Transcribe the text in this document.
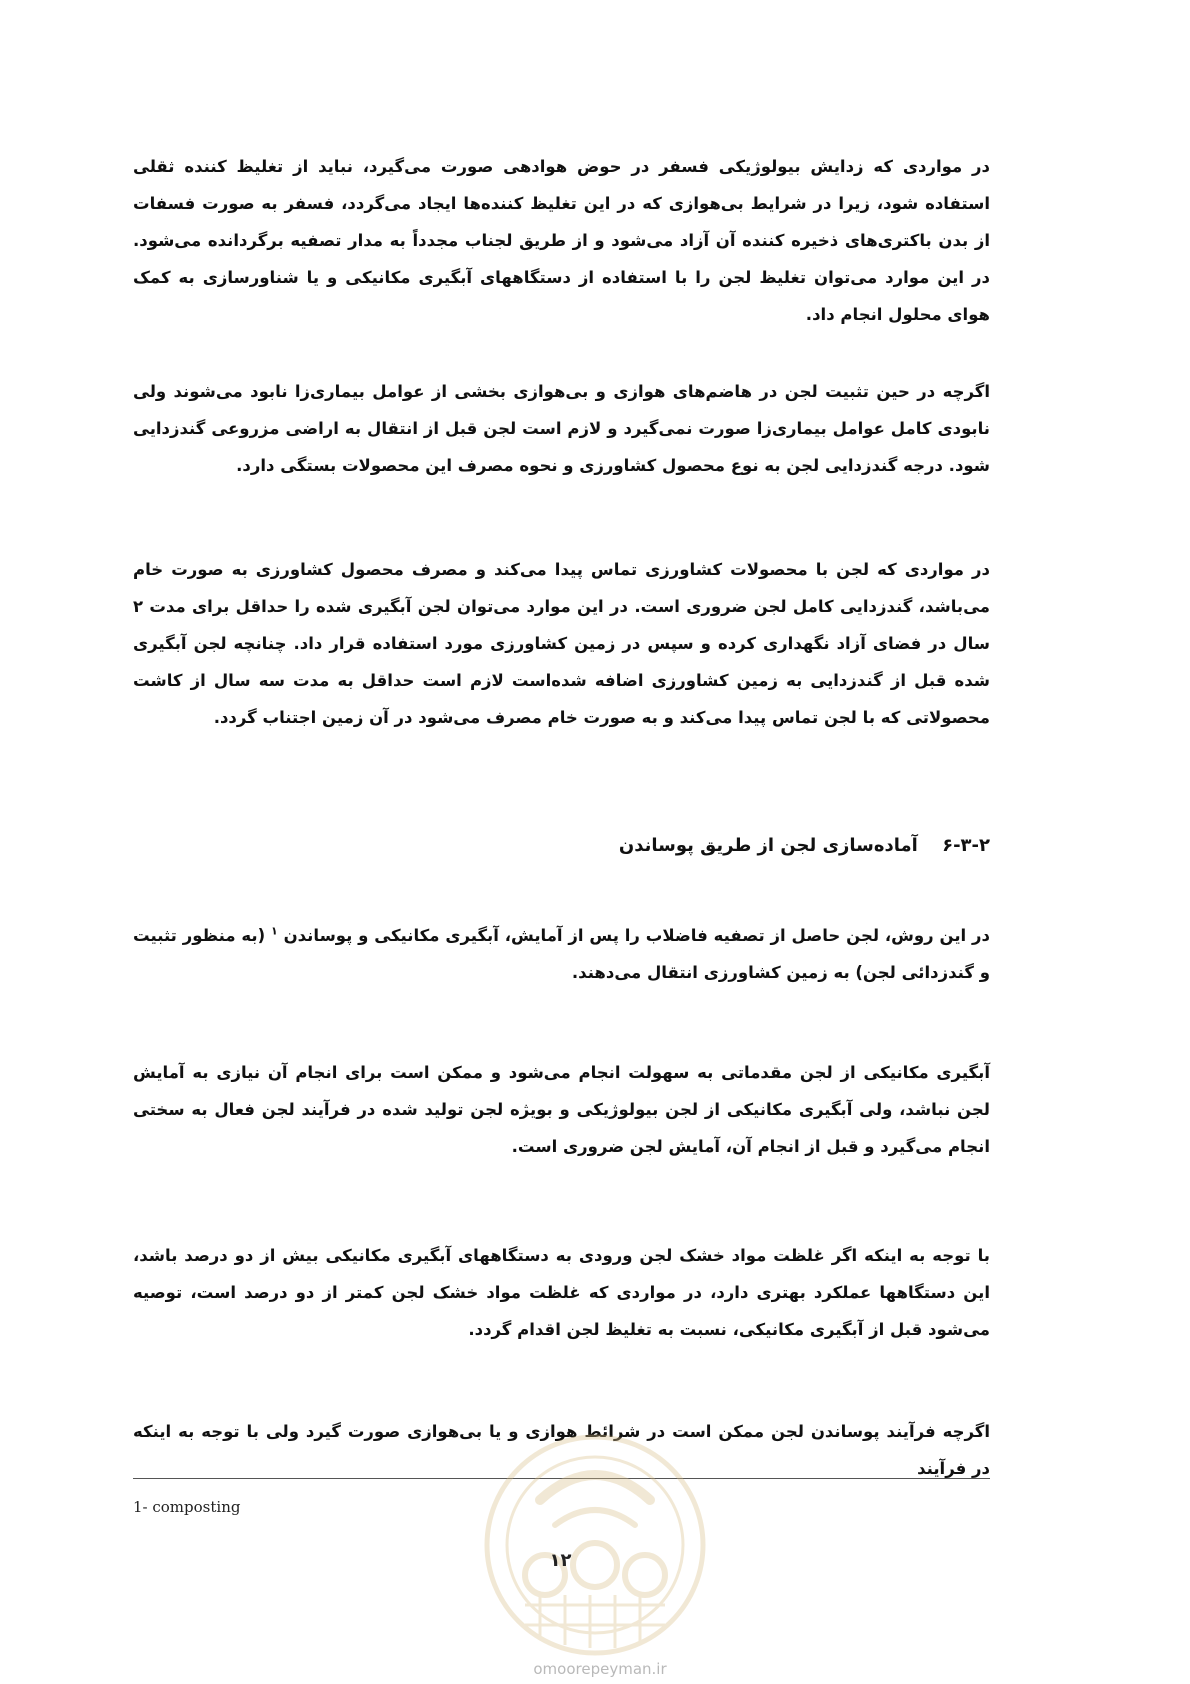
در مواردی که زدایش بیولوژیکی فسفر در حوض هوادهی صورت می‌گیرد، نباید از تغلیظ کننده ثقلی استفاده شود، زیرا در شرایط بی‌هوازی که در این تغلیظ کننده‌ها ایجاد می‌گردد، فسفر به صورت فسفات از بدن باکتری‌های ذخیره کننده آن آزاد می‌شود و از طریق لجناب مجدداً به مدار تصفیه برگردانده می‌شود. در این موارد می‌توان تغلیظ لجن را با استفاده از دستگاههای آبگیری مکانیکی و یا شناورسازی به کمک هوای محلول انجام داد.

اگرچه در حین تثبیت لجن در هاضم‌های هوازی و بی‌هوازی بخشی از عوامل بیماری‌زا نابود می‌شوند ولی نابودی کامل عوامل بیماری‌زا صورت نمی‌گیرد و لازم است لجن قبل از انتقال به اراضی مزروعی گندزدایی شود. درجه گندزدایی لجن به نوع محصول کشاورزی و نحوه مصرف این محصولات بستگی دارد.

در مواردی که لجن با محصولات کشاورزی تماس پیدا می‌کند و مصرف محصول کشاورزی به صورت خام می‌باشد، گندزدایی کامل لجن ضروری است. در این موارد می‌توان لجن آبگیری شده را حداقل برای مدت ۲ سال در فضای آزاد نگهداری کرده و سپس در زمین کشاورزی مورد استفاده قرار داد. چنانچه لجن آبگیری شده قبل از گندزدایی به زمین کشاورزی اضافه شده‌است لازم است حداقل به مدت سه سال از کاشت محصولاتی که با لجن تماس پیدا می‌کند و به صورت خام مصرف می‌شود در آن زمین اجتناب گردد.

۶-۳-۲ آماده‌سازی لجن از طریق پوساندن

در این روش، لجن حاصل از تصفیه فاضلاب را پس از آمایش، آبگیری مکانیکی و پوساندن $^۱$ (به منظور تثبیت و گندزدائی لجن) به زمین کشاورزی انتقال می‌دهند.

آبگیری مکانیکی از لجن مقدماتی به سهولت انجام می‌شود و ممکن است برای انجام آن نیازی به آمایش لجن نباشد، ولی آبگیری مکانیکی از لجن بیولوژیکی و بویژه لجن تولید شده در فرآیند لجن فعال به سختی انجام می‌گیرد و قبل از انجام آن، آمایش لجن ضروری است.

با توجه به اینکه اگر غلظت مواد خشک لجن ورودی به دستگاههای آبگیری مکانیکی بیش از دو درصد باشد، این دستگاهها عملکرد بهتری دارد، در مواردی که غلظت مواد خشک لجن کمتر از دو درصد است، توصیه می‌شود قبل از آبگیری مکانیکی، نسبت به تغلیظ لجن اقدام گردد.

اگرچه فرآیند پوساندن لجن ممکن است در شرائط هوازی و یا بی‌هوازی صورت گیرد ولی با توجه به اینکه در فرآیند

1- composting
۱۲
omoorepeyman.ir
